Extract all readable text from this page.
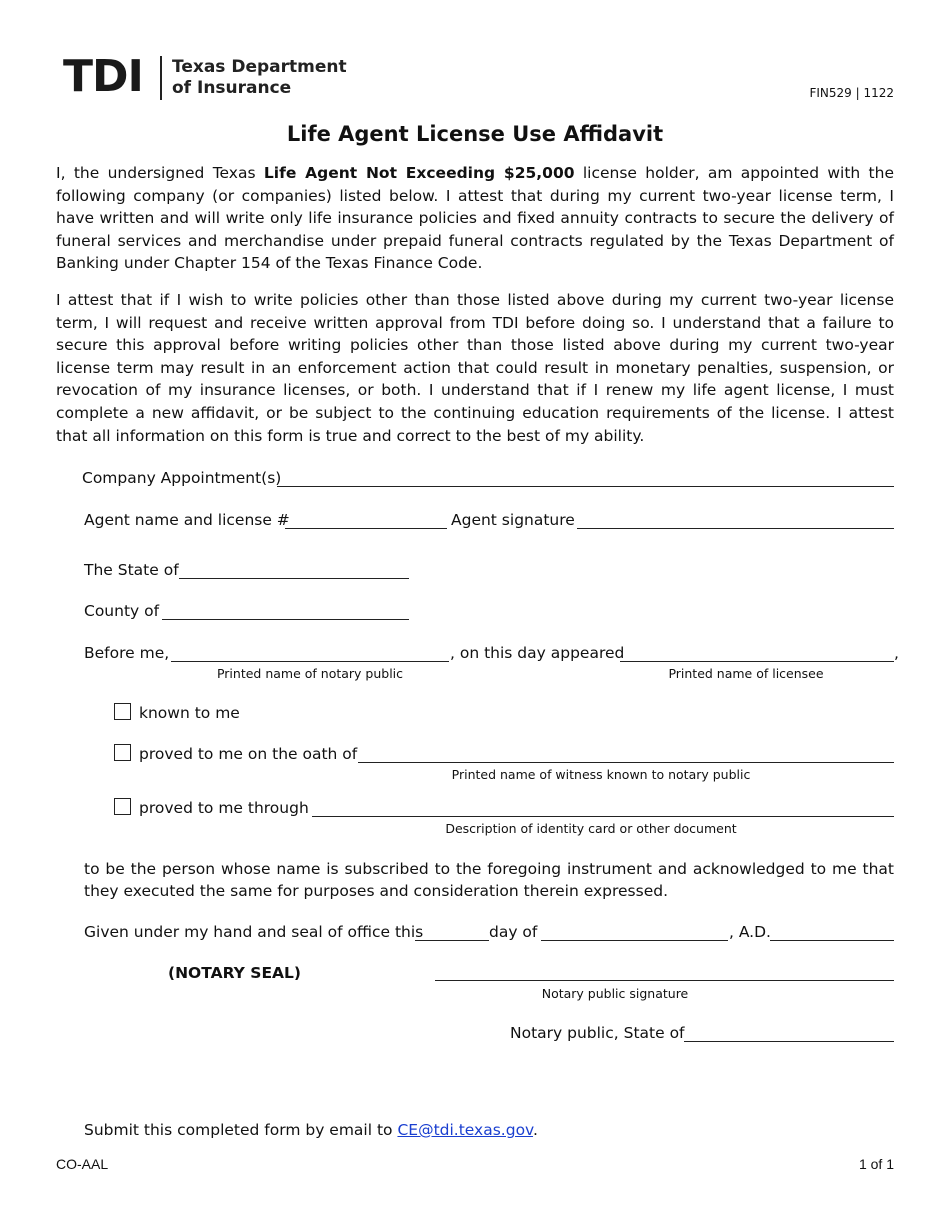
TDI Texas Department
of Insurance	FIN529 | 1122
Life Agent License Use Affidavit
I, the undersigned Texas Life Agent Not Exceeding $25,000 license holder, am appointed with the following company (or companies) listed below. I attest that during my current two-year license term, I have written and will write only life insurance policies and fixed annuity contracts to secure the delivery of funeral services and merchandise under prepaid funeral contracts regulated by the Texas Department of Banking under Chapter 154 of the Texas Finance Code.
I attest that if I wish to write policies other than those listed above during my current two-year license term, I will request and receive written approval from TDI before doing so. I understand that a failure to secure this approval before writing policies other than those listed above during my current two-year license term may result in an enforcement action that could result in monetary penalties, suspension, or revocation of my insurance licenses, or both. I understand that if I renew my life agent license, I must complete a new affidavit, or be subject to the continuing education requirements of the license. I attest that all information on this form is true and correct to the best of my ability.
Company Appointment(s)
Agent name and license #	Agent signature
The State of
County of
Before me,	, on this day appeared	,
Printed name of notary public	Printed name of licensee
known to me
proved to me on the oath of
Printed name of witness known to notary public
proved to me through
Description of identity card or other document
to be the person whose name is subscribed to the foregoing instrument and acknowledged to me that they executed the same for purposes and consideration therein expressed.
Given under my hand and seal of office this	day of	, A.D.
(NOTARY SEAL)
Notary public signature
Notary public, State of
Submit this completed form by email to CE@tdi.texas.gov.
CO-AAL	1 of 1
